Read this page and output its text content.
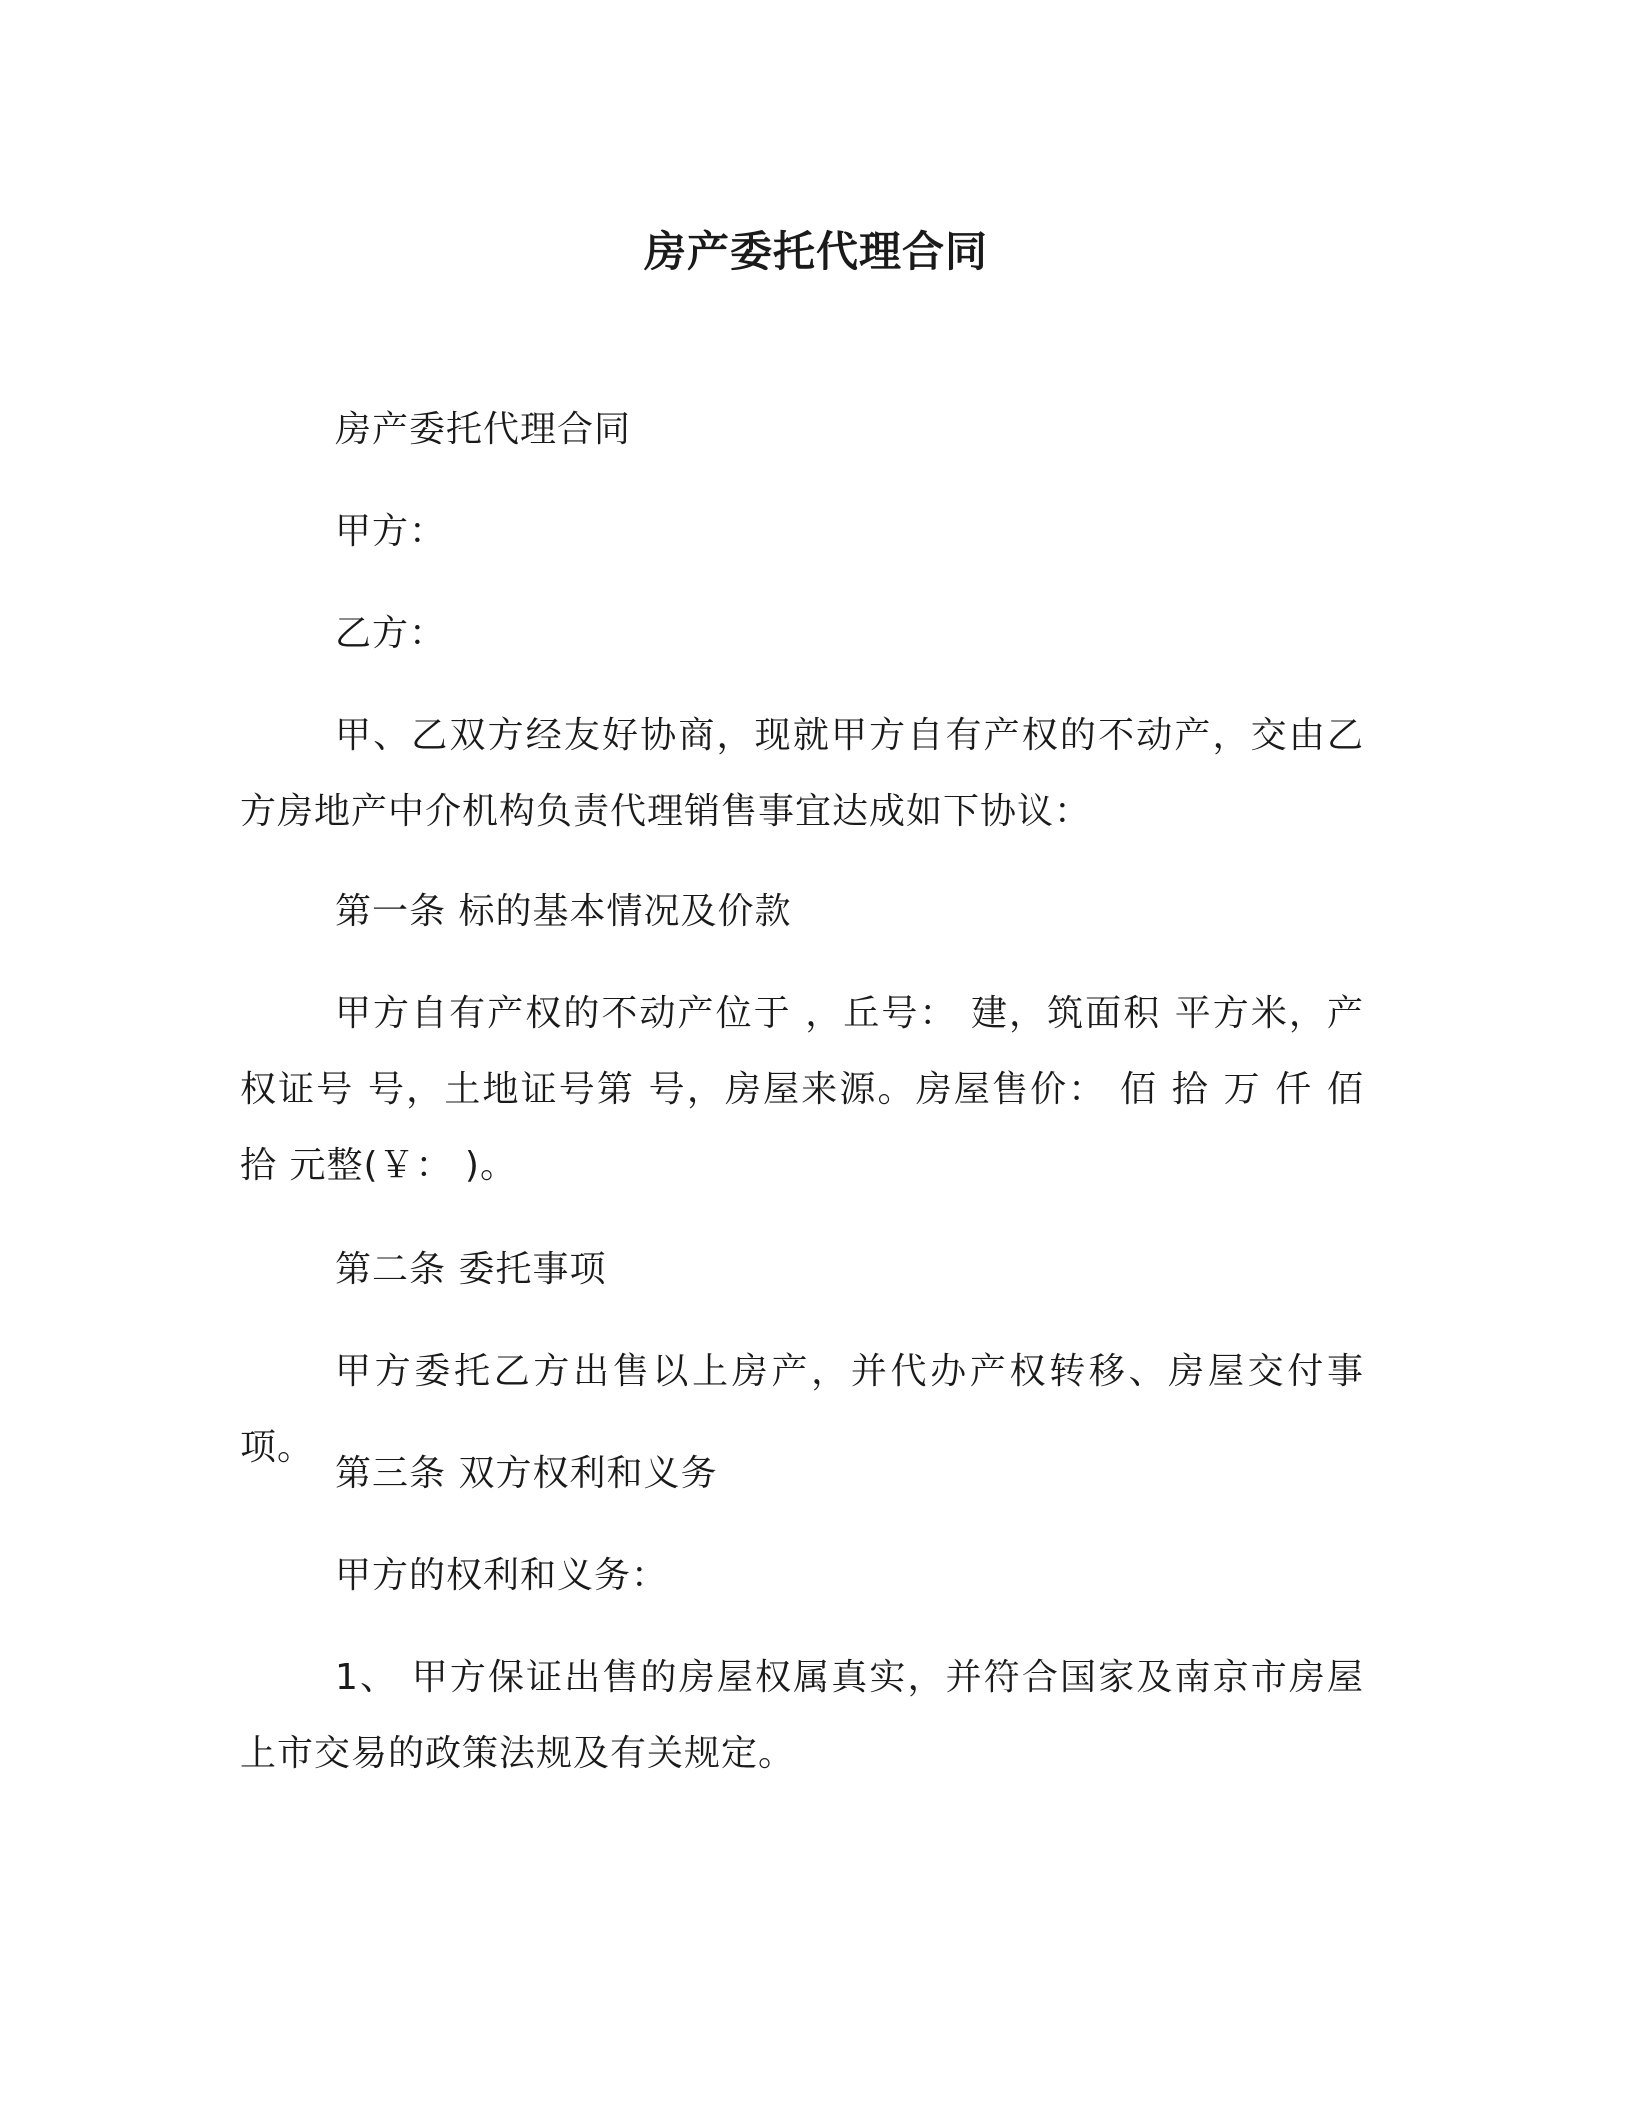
房产委托代理合同

房产委托代理合同

甲方：

乙方：

甲、乙双方经友好协商，现就甲方自有产权的不动产，交由乙方房地产中介机构负责代理销售事宜达成如下协议：

第一条 标的基本情况及价款

甲方自有产权的不动产位于 ，丘号： 建，筑面积 平方米，产权证号 号，土地证号第 号，房屋来源。房屋售价： 佰 拾 万 仟 佰 拾 元整(￥： )。

第二条 委托事项

甲方委托乙方出售以上房产，并代办产权转移、房屋交付事项。

第三条 双方权利和义务

甲方的权利和义务：

1、 甲方保证出售的房屋权属真实，并符合国家及南京市房屋上市交易的政策法规及有关规定。
